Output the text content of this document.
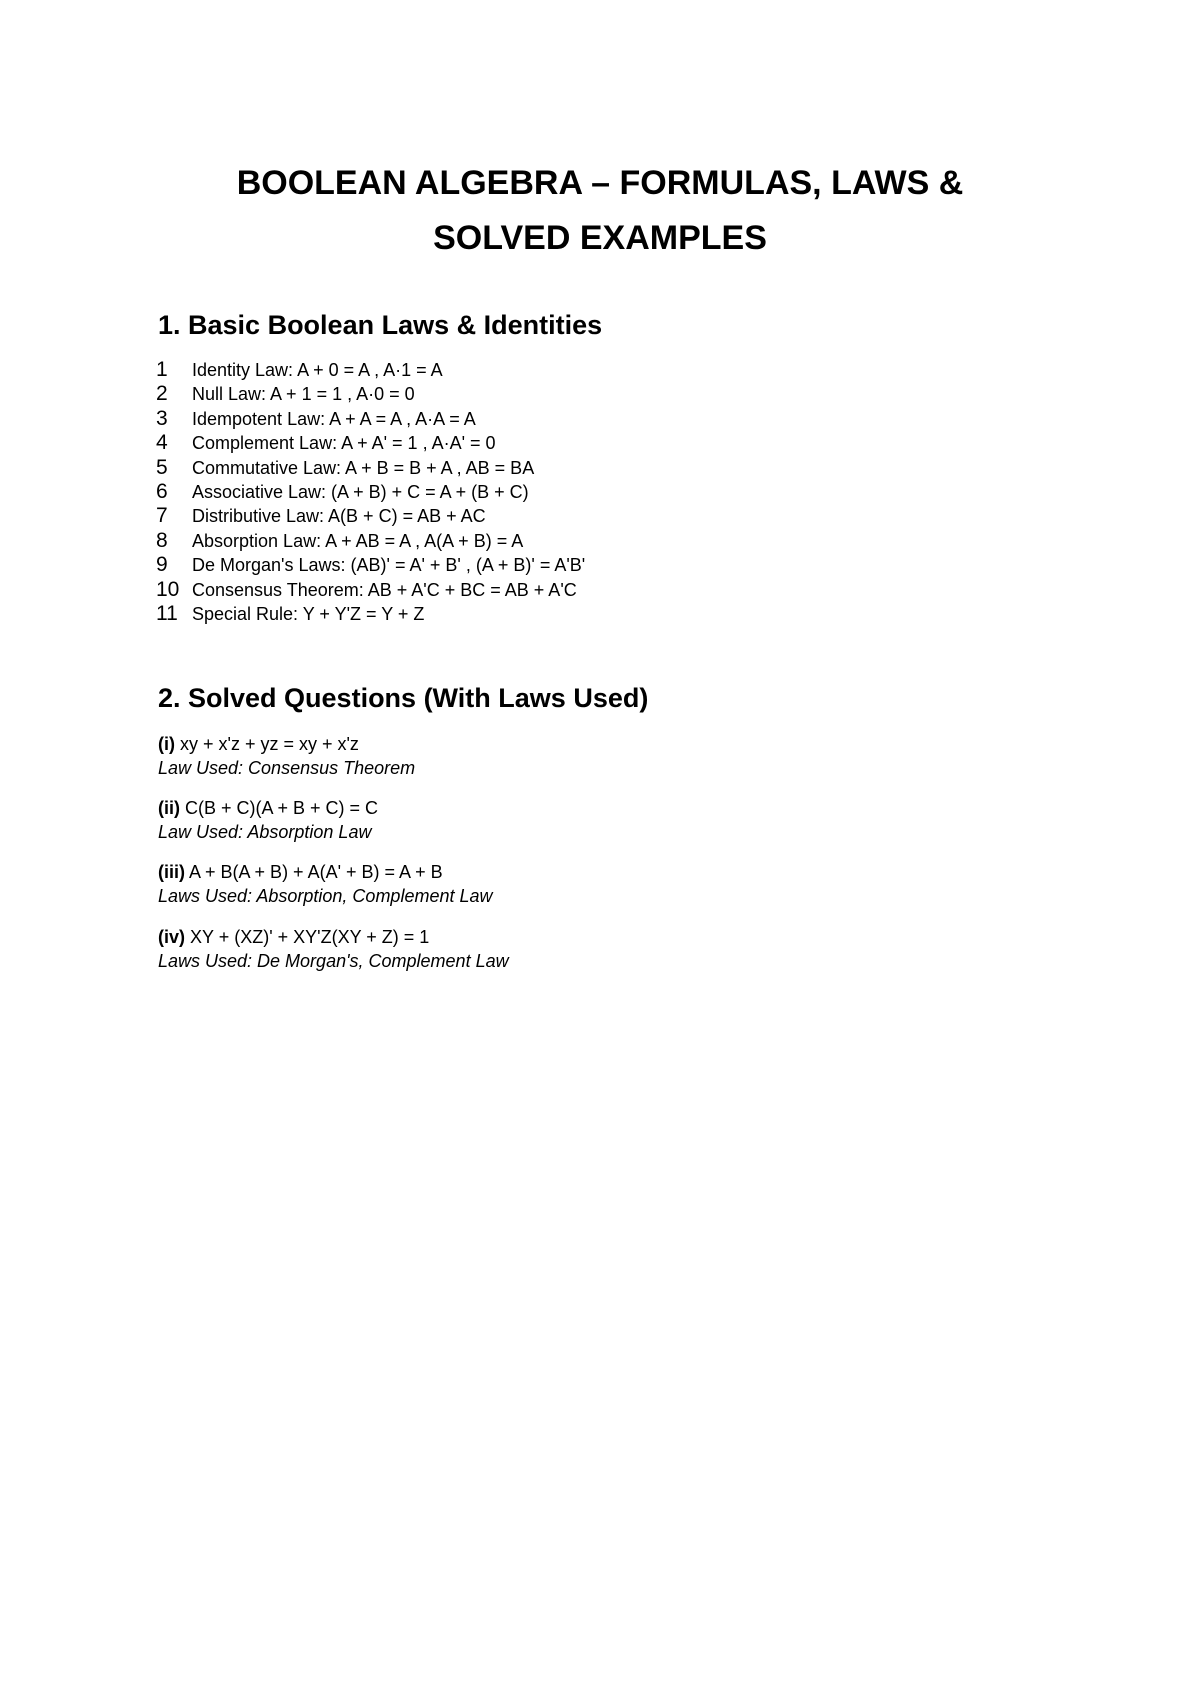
BOOLEAN ALGEBRA – FORMULAS, LAWS &
SOLVED EXAMPLES
1. Basic Boolean Laws & Identities
1	Identity Law: A + 0 = A , A·1 = A
2	Null Law: A + 1 = 1 , A·0 = 0
3	Idempotent Law: A + A = A , A·A = A
4	Complement Law: A + A' = 1 , A·A' = 0
5	Commutative Law: A + B = B + A , AB = BA
6	Associative Law: (A + B) + C = A + (B + C)
7	Distributive Law: A(B + C) = AB + AC
8	Absorption Law: A + AB = A , A(A + B) = A
9	De Morgan's Laws: (AB)' = A' + B' , (A + B)' = A'B'
10 Consensus Theorem: AB + A'C + BC = AB + A'C
11 Special Rule: Y + Y'Z = Y + Z
2. Solved Questions (With Laws Used)
(i) xy + x'z + yz = xy + x'z
Law Used: Consensus Theorem
(ii) C(B + C)(A + B + C) = C
Law Used: Absorption Law
(iii) A + B(A + B) + A(A' + B) = A + B
Laws Used: Absorption, Complement Law
(iv) XY + (XZ)' + XY'Z(XY + Z) = 1
Laws Used: De Morgan's, Complement Law
